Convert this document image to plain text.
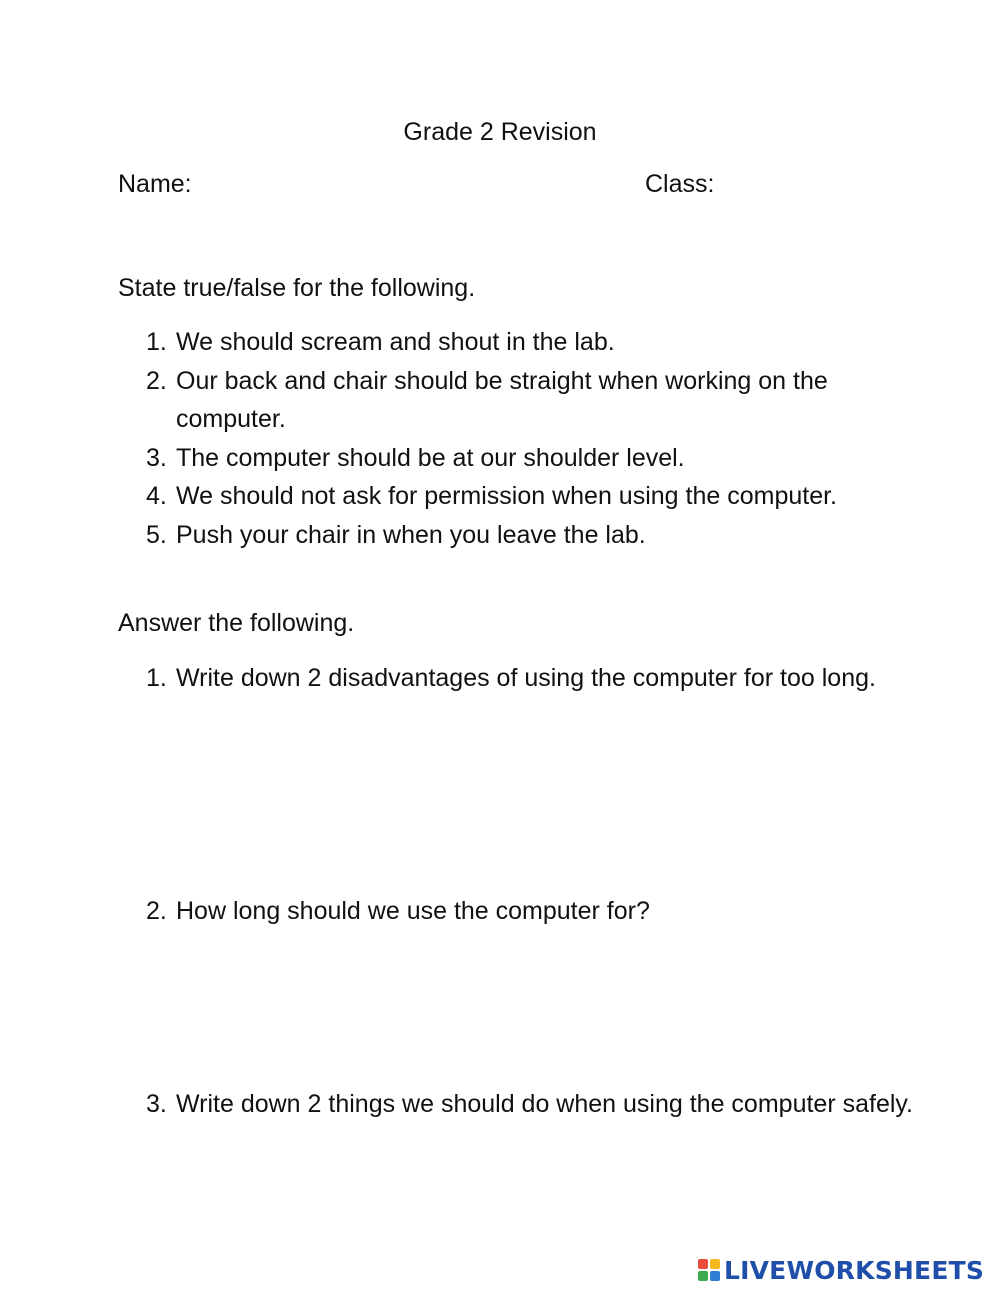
Grade 2 Revision
Name:	Class:
State true/false for the following.
1. We should scream and shout in the lab.
2. Our back and chair should be straight when working on the computer.
3. The computer should be at our shoulder level.
4. We should not ask for permission when using the computer.
5. Push your chair in when you leave the lab.
Answer the following.
1. Write down 2 disadvantages of using the computer for too long.
2. How long should we use the computer for?
3. Write down 2 things we should do when using the computer safely.
LIVEWORKSHEETS
